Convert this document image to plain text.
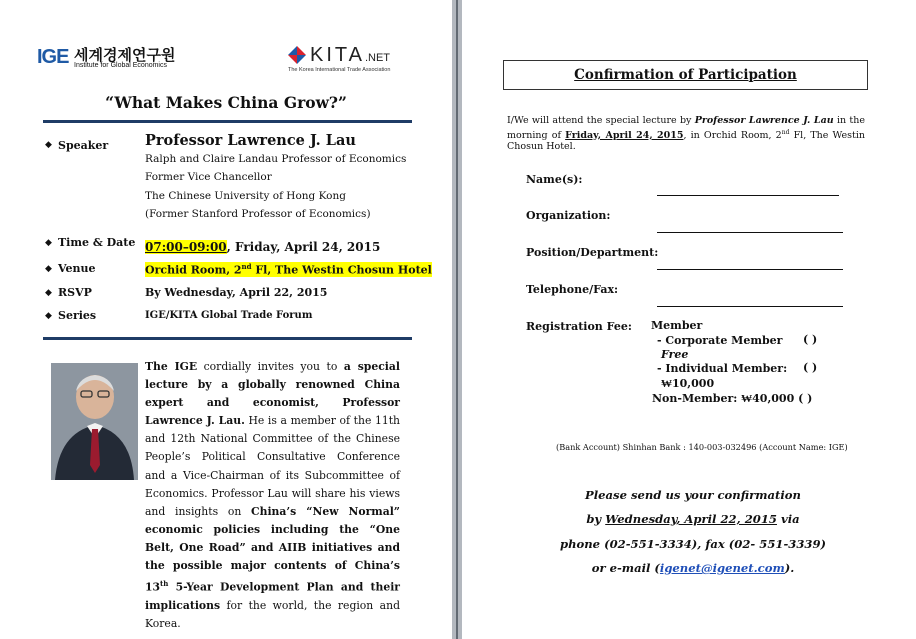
IGE 세계경제연구원
Institute for Global Economics	KITA.NET
The Korea International Trade Association
“What Makes China Grow?”
◆ Speaker	Professor Lawrence J. Lau
Ralph and Claire Landau Professor of Economics
Former Vice Chancellor
The Chinese University of Hong Kong
(Former Stanford Professor of Economics)
◆ Time & Date 07:00–09:00, Friday, April 24, 2015
◆ Venue	Orchid Room, 2nd Fl, The Westin Chosun Hotel
◆ RSVP	By Wednesday, April 22, 2015
◆ Series	IGE/KITA Global Trade Forum
The IGE cordially invites you to a special lecture by a globally renowned China expert and economist, Professor Lawrence J. Lau. He is a member of the 11th and 12th National Committee of the Chinese People’s Political Consultative Conference and a Vice-Chairman of its Subcommittee of Economics. Professor Lau will share his views and insights on China’s “New Normal” economic policies including the “One Belt, One Road” and AIIB initiatives and the possible major contents of China’s 13th 5-Year Development Plan and their implications for the world, the region and Korea.
Confirmation of Participation
I/We will attend the special lecture by Professor Lawrence J. Lau in the morning of Friday, April 24, 2015, in Orchid Room, 2nd Fl, The Westin Chosun Hotel.
Name(s):
Organization:
Position/Department:
Telephone/Fax:
Registration Fee: Member
- Corporate Member ( )
Free
- Individual Member: ( )
₩10,000
Non-Member: ₩40,000 ( )
(Bank Account) Shinhan Bank : 140-003-032496 (Account Name: IGE)
Please send us your confirmation
by Wednesday, April 22, 2015 via
phone (02-551-3334), fax (02- 551-3339)
or e-mail (igenet@igenet.com).
